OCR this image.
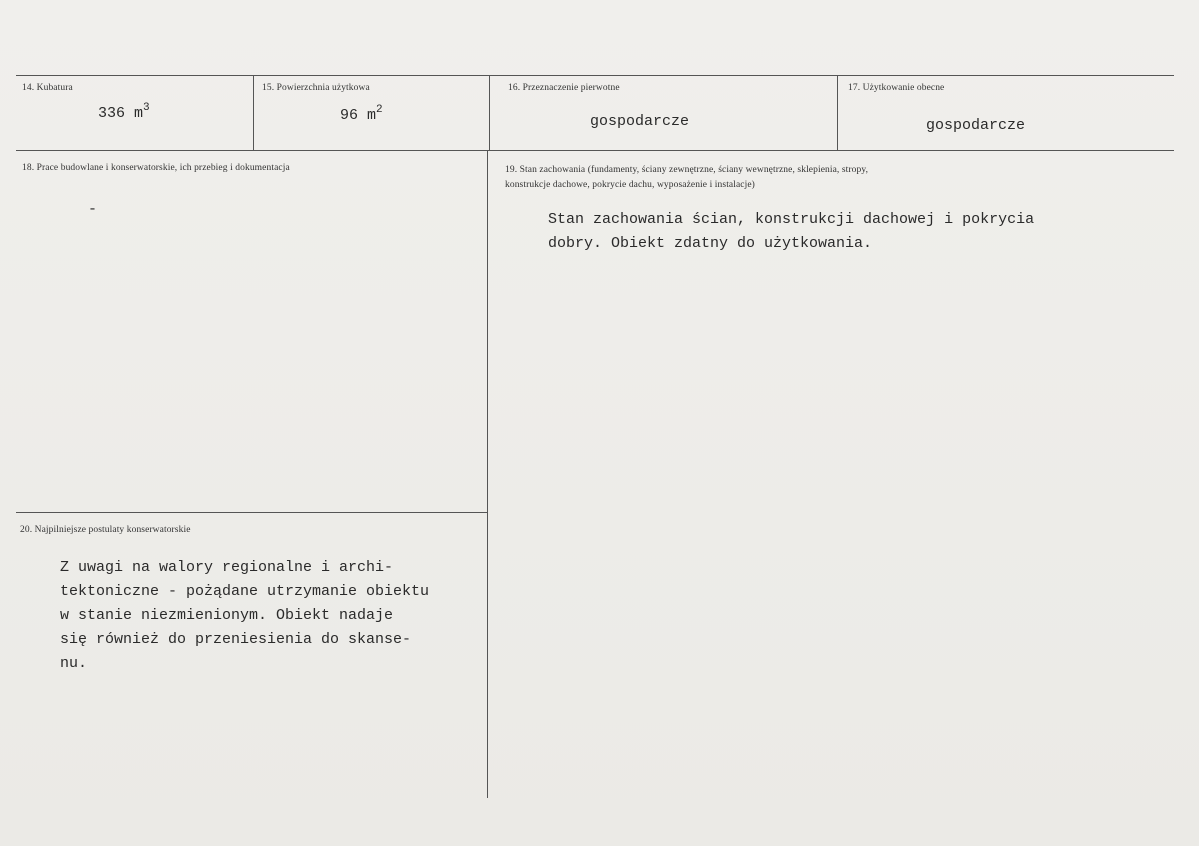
14. Kubatura
336 $m^3$
15. Powierzchnia użytkowa
96 $m^2$
16. Przeznaczenie pierwotne
gospodarcze
17. Użytkowanie obecne
gospodarcze
18. Prace budowlane i konserwatorskie, ich przebieg i dokumentacja
-
19. Stan zachowania (fundamenty, ściany zewnętrzne, ściany wewnętrzne, sklepienia, stropy,
konstrukcje dachowe, pokrycie dachu, wyposażenie i instalacje)
Stan zachowania ścian, konstrukcji dachowej i pokrycia
dobry. Obiekt zdatny do użytkowania.
20. Najpilniejsze postulaty konserwatorskie
Z uwagi na walory regionalne i archi-
tektoniczne - pożądane utrzymanie obiektu
w stanie niezmienionym. Obiekt nadaje
się również do przeniesienia do skanse-
nu.
